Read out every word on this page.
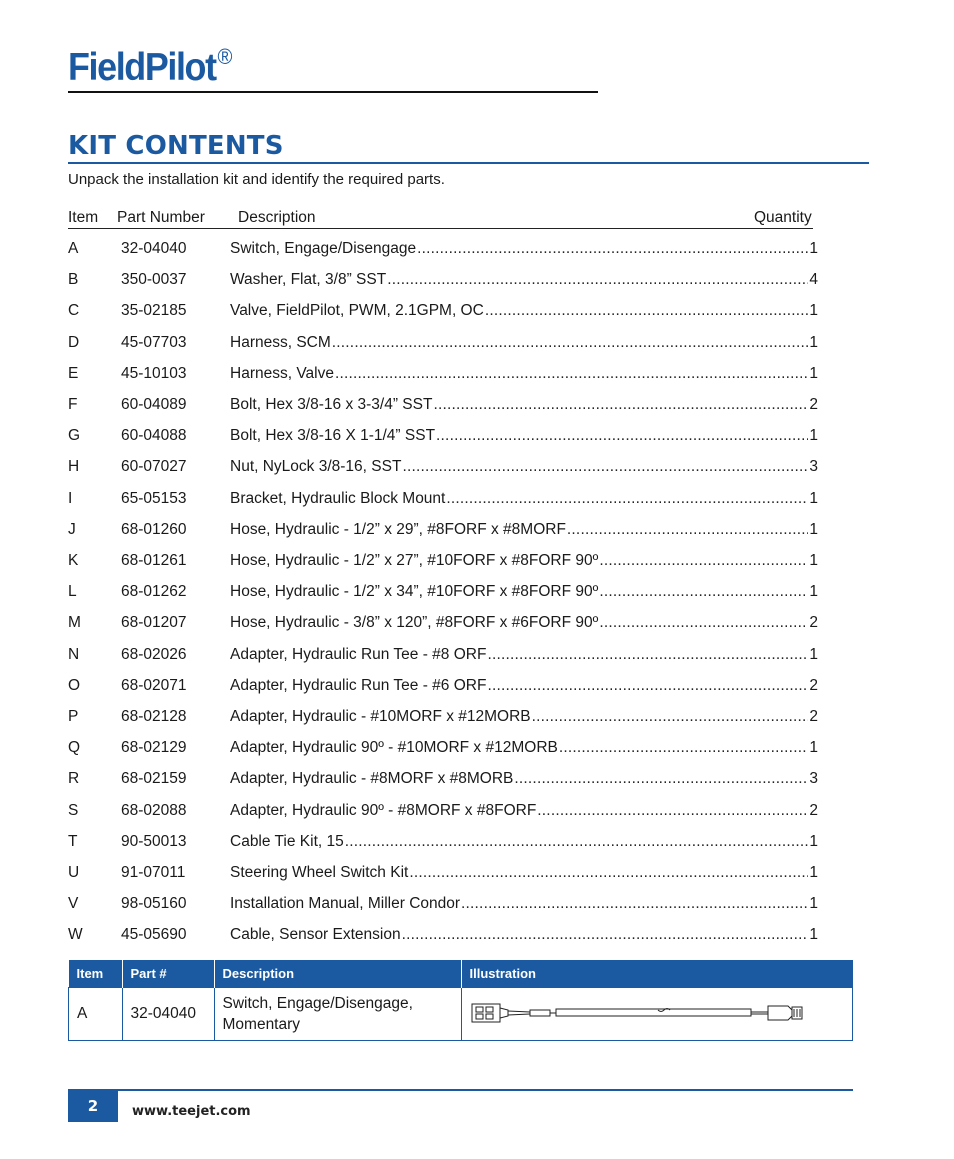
FieldPilot®
KIT CONTENTS
Unpack the installation kit and identify the required parts.
Item Part Number Description	Quantity
A	32-04040	Switch, Engage/Disengage .....	1
B	350-0037	Washer, Flat, 3/8” SST .....	4
C	35-02185	Valve, FieldPilot, PWM, 2.1GPM, OC .....	1
D	45-07703	Harness, SCM .....	1
E	45-10103	Harness, Valve .....	1
F	60-04089	Bolt, Hex 3/8-16 x 3-3/4” SST .....	2
G	60-04088	Bolt, Hex 3/8-16 X 1-1/4” SST .....	1
H	60-07027	Nut, NyLock 3/8-16, SST .....	3
I	65-05153	Bracket, Hydraulic Block Mount .....	1
J	68-01260	Hose, Hydraulic - 1/2” x 29”, #8FORF x #8MORF .....	1
K	68-01261	Hose, Hydraulic - 1/2” x 27”, #10FORF x #8FORF 90º .....	1
L	68-01262	Hose, Hydraulic - 1/2” x 34”, #10FORF x #8FORF 90º .....	1
M	68-01207	Hose, Hydraulic - 3/8” x 120”, #8FORF x #6FORF 90º .....	2
N	68-02026	Adapter, Hydraulic Run Tee - #8 ORF .....	1
O	68-02071	Adapter, Hydraulic Run Tee - #6 ORF .....	2
P	68-02128	Adapter, Hydraulic - #10MORF x #12MORB .....	2
Q	68-02129	Adapter, Hydraulic 90º - #10MORF x #12MORB .....	1
R	68-02159	Adapter, Hydraulic - #8MORF x #8MORB .....	3
S	68-02088	Adapter, Hydraulic 90º - #8MORF x #8FORF .....	2
T	90-50013	Cable Tie Kit, 15 .....	1
U	91-07011	Steering Wheel Switch Kit .....	1
V	98-05160	Installation Manual, Miller Condor .....	1
W 45-05690	Cable, Sensor Extension .....	1
Item	Part #	Description	Illustration
A	32-04040	Switch, Engage/Disengage,
Momentary	
2	www.teejet.com
